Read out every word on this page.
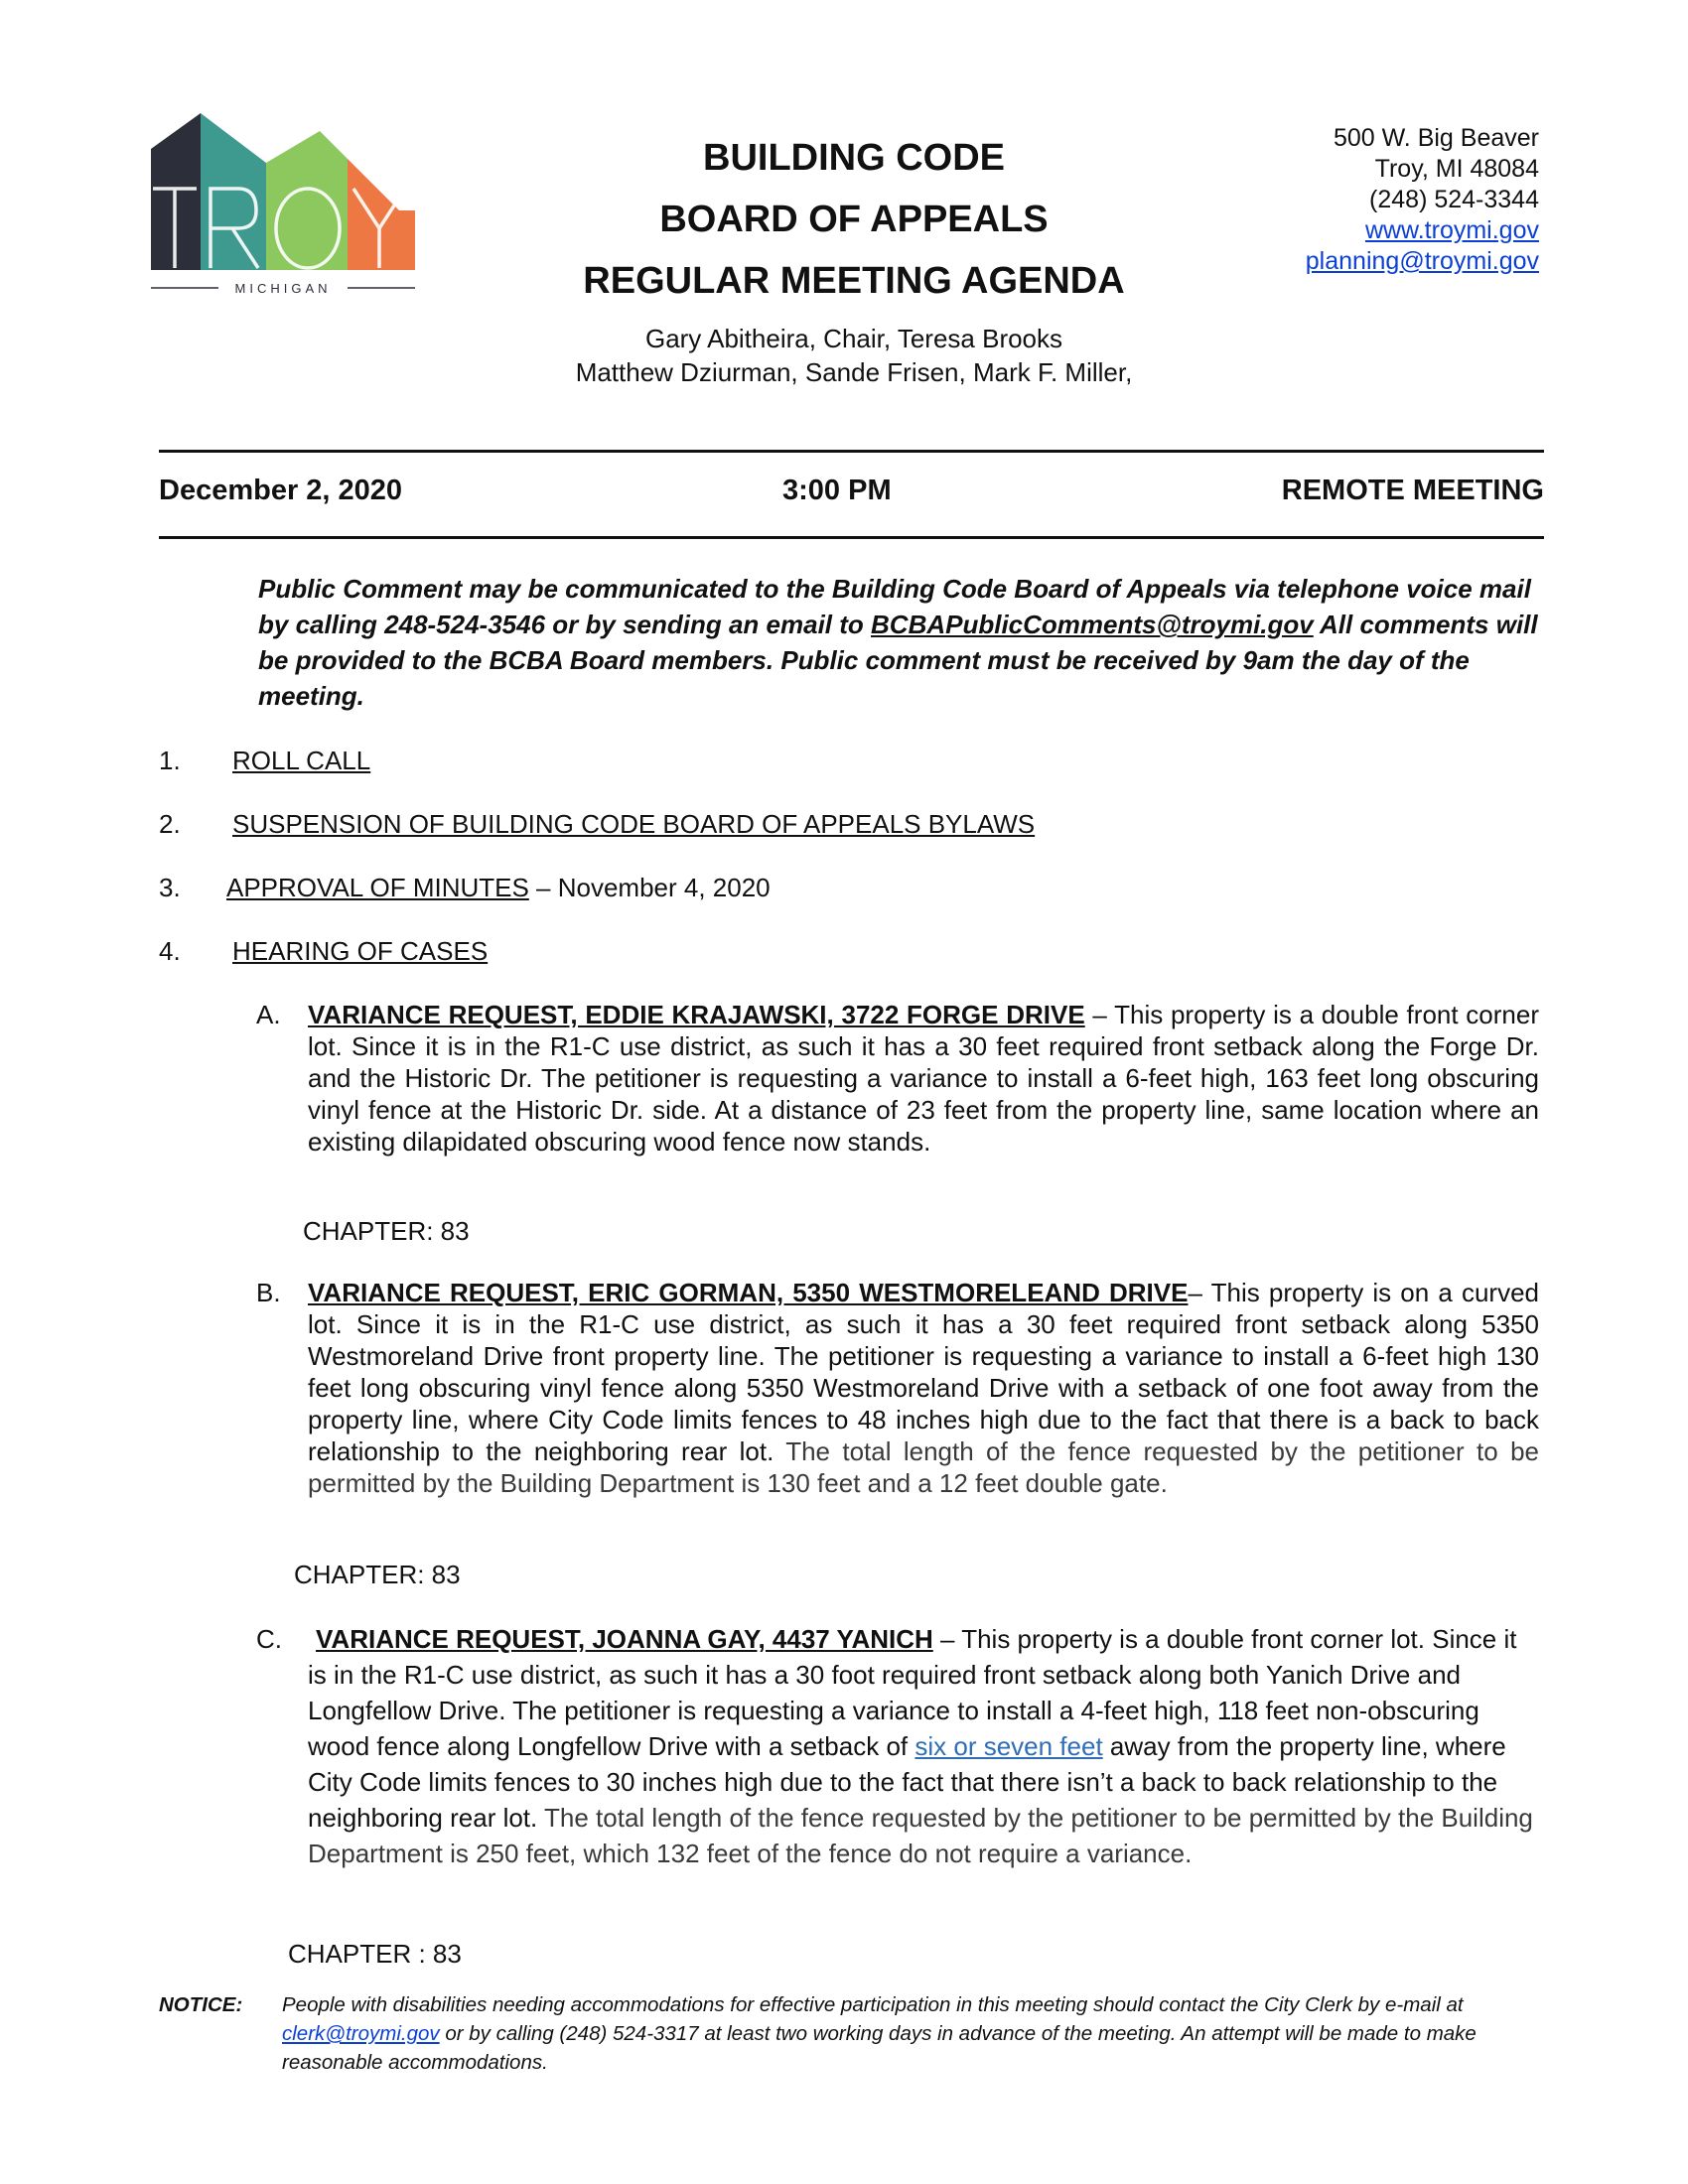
MICHIGAN
BUILDING CODE
BOARD OF APPEALS
REGULAR MEETING AGENDA
Gary Abitheira, Chair, Teresa Brooks
Matthew Dziurman, Sande Frisen, Mark F. Miller,
500 W. Big Beaver
Troy, MI 48084
(248) 524-3344
www.troymi.gov
planning@troymi.gov
December 2, 2020	3:00 PM	REMOTE MEETING
Public Comment may be communicated to the Building Code Board of Appeals via telephone voice mail by calling 248-524-3546 or by sending an email to BCBAPublicComments@troymi.gov All comments will be provided to the BCBA Board members. Public comment must be received by 9am the day of the meeting.
1. ROLL CALL
2. SUSPENSION OF BUILDING CODE BOARD OF APPEALS BYLAWS
3. APPROVAL OF MINUTES – November 4, 2020
4. HEARING OF CASES
A. VARIANCE REQUEST, EDDIE KRAJAWSKI, 3722 FORGE DRIVE – This property is a double front corner lot. Since it is in the R1-C use district, as such it has a 30 feet required front setback along the Forge Dr. and the Historic Dr. The petitioner is requesting a variance to install a 6-feet high, 163 feet long obscuring vinyl fence at the Historic Dr. side. At a distance of 23 feet from the property line, same location where an existing dilapidated obscuring wood fence now stands.
CHAPTER: 83
B. VARIANCE REQUEST, ERIC GORMAN, 5350 WESTMORELEAND DRIVE– This property is on a curved lot. Since it is in the R1-C use district, as such it has a 30 feet required front setback along 5350 Westmoreland Drive front property line. The petitioner is requesting a variance to install a 6-feet high 130 feet long obscuring vinyl fence along 5350 Westmoreland Drive with a setback of one foot away from the property line, where City Code limits fences to 48 inches high due to the fact that there is a back to back relationship to the neighboring rear lot. The total length of the fence requested by the petitioner to be permitted by the Building Department is 130 feet and a 12 feet double gate.
CHAPTER: 83
C.	VARIANCE REQUEST, JOANNA GAY, 4437 YANICH – This property is a double front corner lot. Since it is in the R1-C use district, as such it has a 30 foot required front setback along both Yanich Drive and Longfellow Drive. The petitioner is requesting a variance to install a 4-feet high, 118 feet non-obscuring wood fence along Longfellow Drive with a setback of six or seven feet away from the property line, where City Code limits fences to 30 inches high due to the fact that there isn’t a back to back relationship to the neighboring rear lot. The total length of the fence requested by the petitioner to be permitted by the Building Department is 250 feet, which 132 feet of the fence do not require a variance.
CHAPTER : 83
NOTICE: People with disabilities needing accommodations for effective participation in this meeting should contact the City Clerk by e-mail at clerk@troymi.gov or by calling (248) 524-3317 at least two working days in advance of the meeting. An attempt will be made to make reasonable accommodations.
